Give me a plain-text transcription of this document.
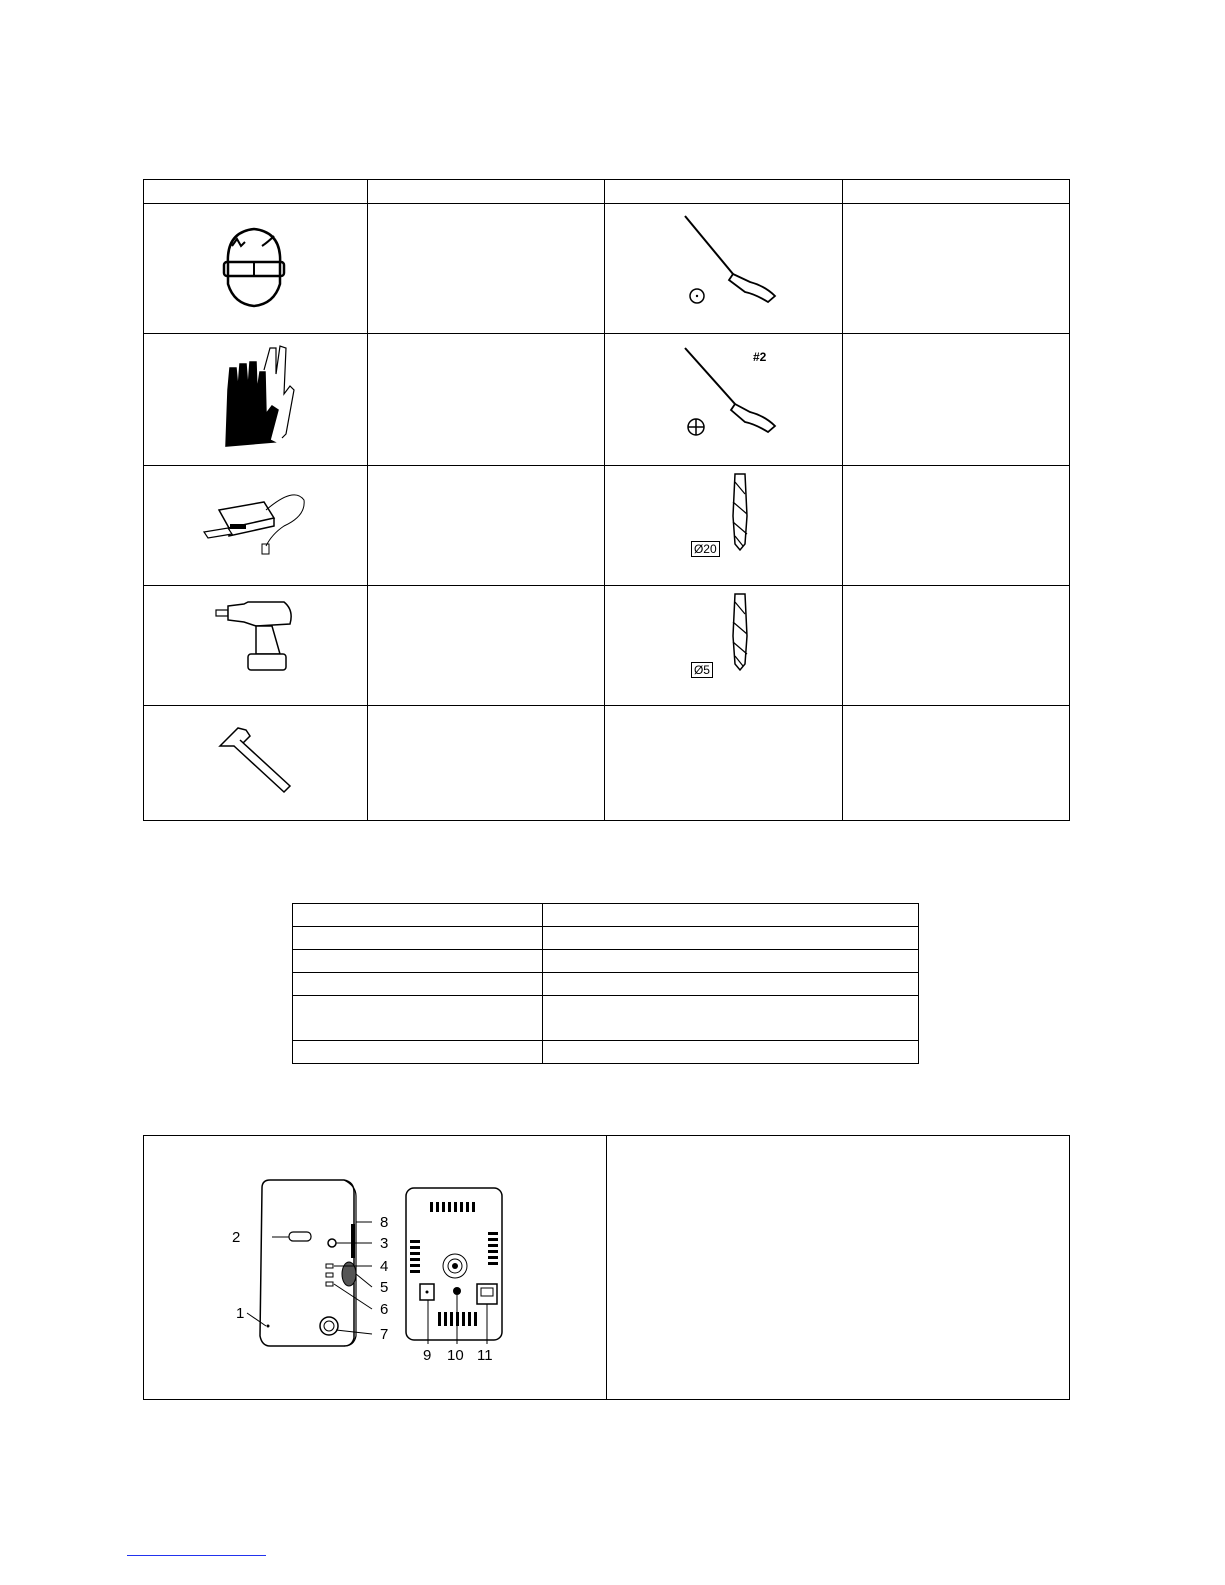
#2	

Ø20	

Ø5	

1
2	3
4
5
6
7
8
9 10 11
